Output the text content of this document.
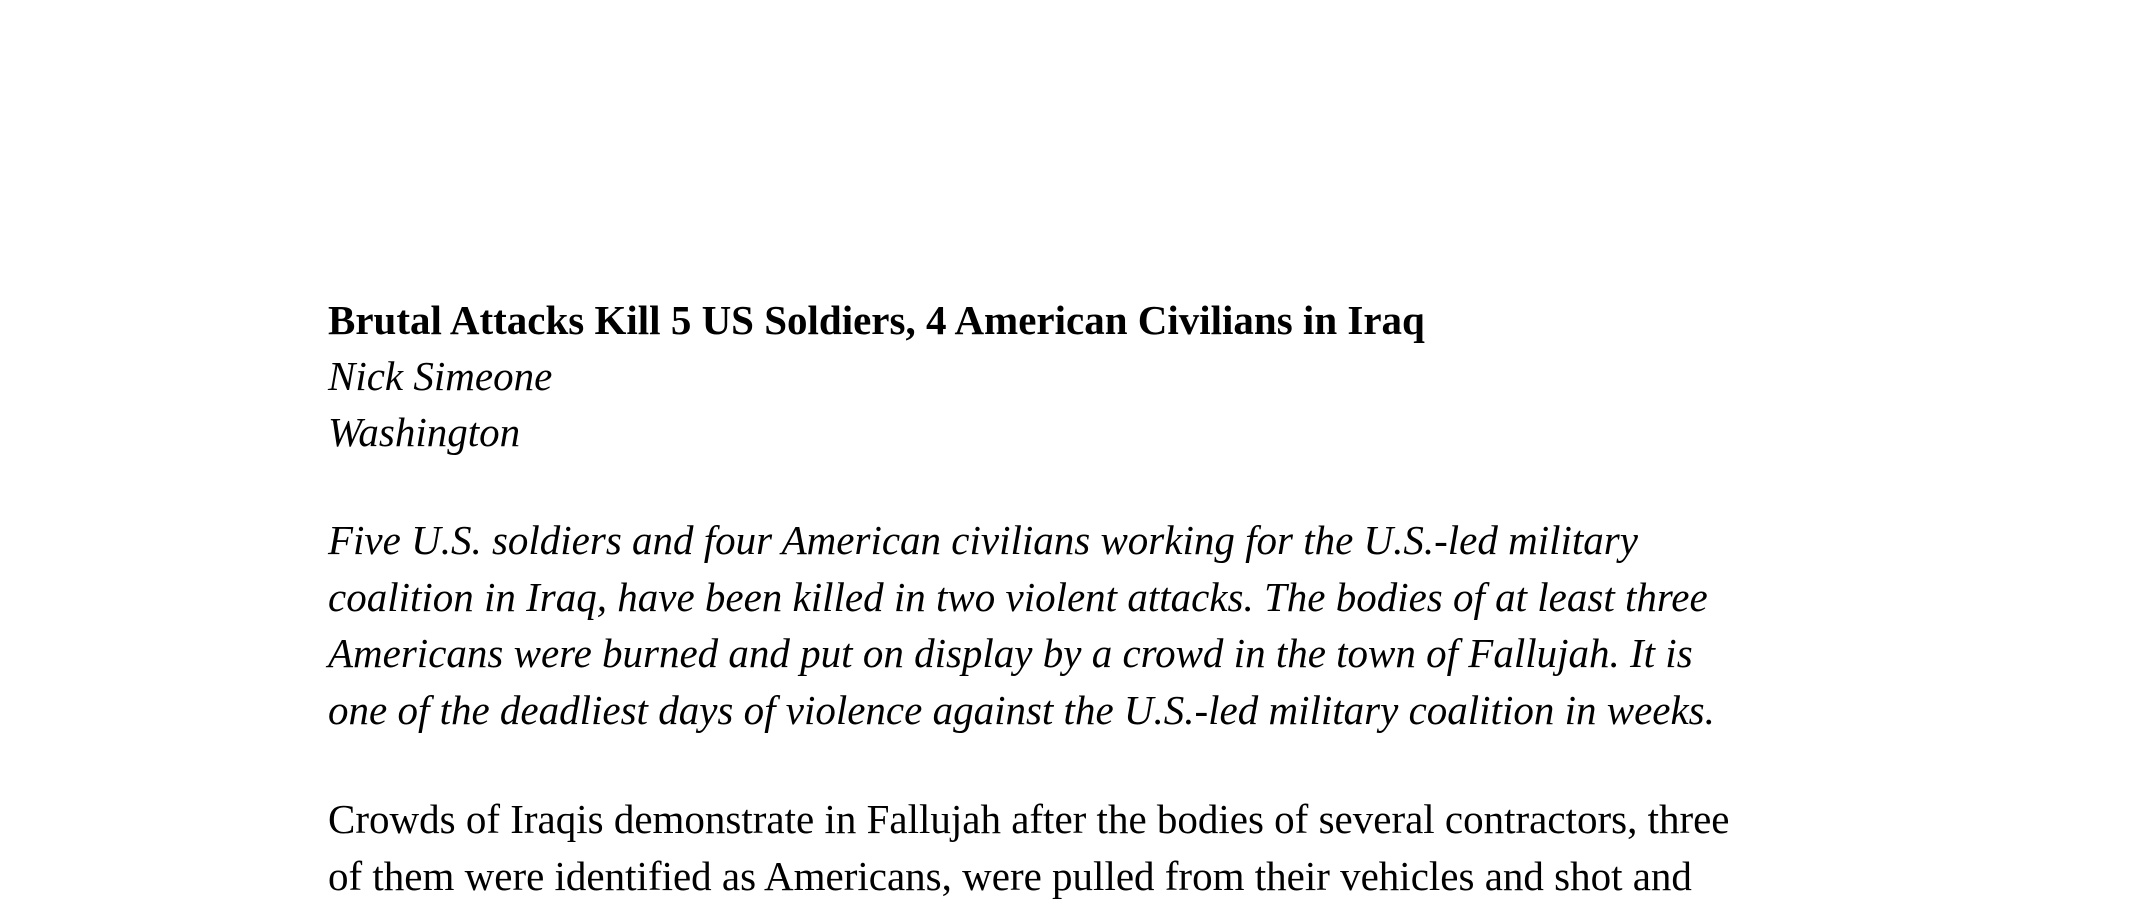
Brutal Attacks Kill 5 US Soldiers, 4 American Civilians in Iraq

Nick Simeone

Washington

Five U.S. soldiers and four American civilians working for the U.S.-led military
coalition in Iraq, have been killed in two violent attacks. The bodies of at least three
Americans were burned and put on display by a crowd in the town of Fallujah. It is
one of the deadliest days of violence against the U.S.-led military coalition in weeks.

Crowds of Iraqis demonstrate in Fallujah after the bodies of several contractors, three
of them were identified as Americans, were pulled from their vehicles and shot and
